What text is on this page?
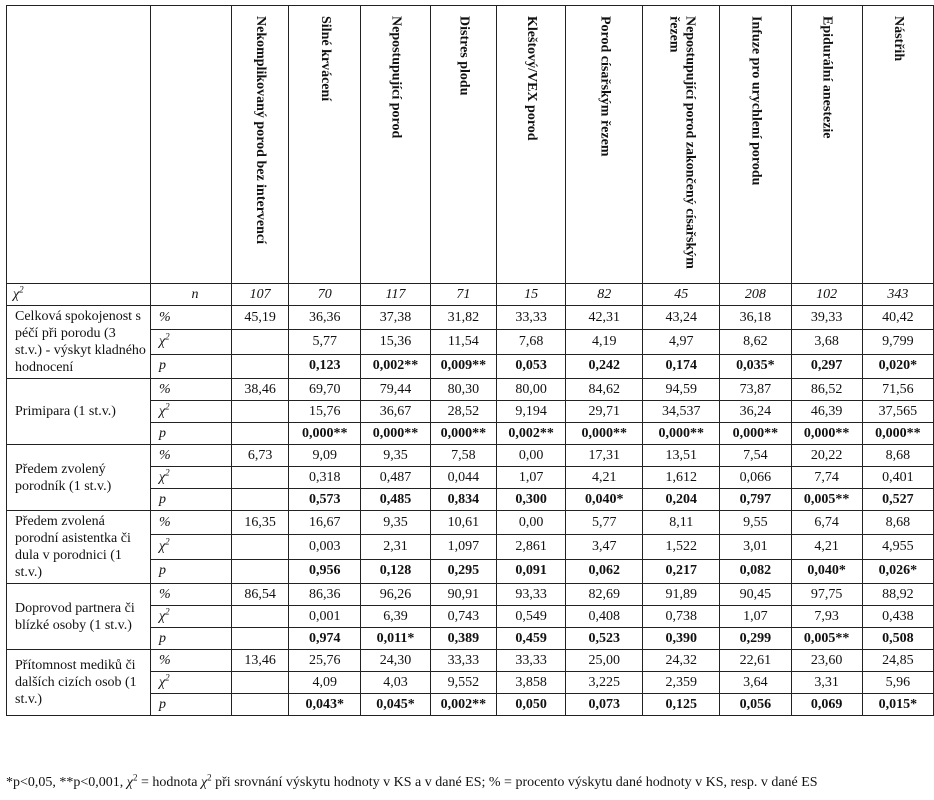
		Nekomplikovaný porod bez intervencí	Silné krvácení	Nepostupující porod	Distres plodu	Kleštový/VEX porod	Porod císařským řezem	Nepostupující porod zakončený císařským řezem	Infuze pro urychlení porodu	Epidurální anestezie	Nástřih

$\chi^2$	n	107	70	117	71	15	82	45	208	102	343
Celková spokojenost s péčí při porodu (3 st.v.) - výskyt kladného hodnocení	%	45,19	36,36	37,38	31,82	33,33	42,31	43,24	36,18	39,33	40,42
	$\chi^2$		5,77	15,36	11,54	7,68	4,19	4,97	8,62	3,68	9,799
	p		0,123	0,002**	0,009**	0,053	0,242	0,174	0,035*	0,297	0,020*
Primipara (1 st.v.)	%	38,46	69,70	79,44	80,30	80,00	84,62	94,59	73,87	86,52	71,56
	$\chi^2$		15,76	36,67	28,52	9,194	29,71	34,537	36,24	46,39	37,565
	p		0,000**	0,000**	0,000**	0,002**	0,000**	0,000**	0,000**	0,000**	0,000**
Předem zvolený porodník (1 st.v.)	%	6,73	9,09	9,35	7,58	0,00	17,31	13,51	7,54	20,22	8,68
	$\chi^2$		0,318	0,487	0,044	1,07	4,21	1,612	0,066	7,74	0,401
	p		0,573	0,485	0,834	0,300	0,040*	0,204	0,797	0,005**	0,527
Předem zvolená porodní asistentka či dula v porodnici (1 st.v.)	%	16,35	16,67	9,35	10,61	0,00	5,77	8,11	9,55	6,74	8,68
	$\chi^2$		0,003	2,31	1,097	2,861	3,47	1,522	3,01	4,21	4,955
	p		0,956	0,128	0,295	0,091	0,062	0,217	0,082	0,040*	0,026*
Doprovod partnera či blízké osoby (1 st.v.)	%	86,54	86,36	96,26	90,91	93,33	82,69	91,89	90,45	97,75	88,92
	$\chi^2$		0,001	6,39	0,743	0,549	0,408	0,738	1,07	7,93	0,438
	p		0,974	0,011*	0,389	0,459	0,523	0,390	0,299	0,005**	0,508
Přítomnost mediků či dalších cizích osob (1 st.v.)	%	13,46	25,76	24,30	33,33	33,33	25,00	24,32	22,61	23,60	24,85
	$\chi^2$		4,09	4,03	9,552	3,858	3,225	2,359	3,64	3,31	5,96
	p		0,043*	0,045*	0,002**	0,050	0,073	0,125	0,056	0,069	0,015*
*p<0,05, **p<0,001, $\chi^2$ = hodnota $\chi^2$ při srovnání výskytu hodnoty v KS a v dané ES; % = procento výskytu dané hodnoty v KS, resp. v dané ES
